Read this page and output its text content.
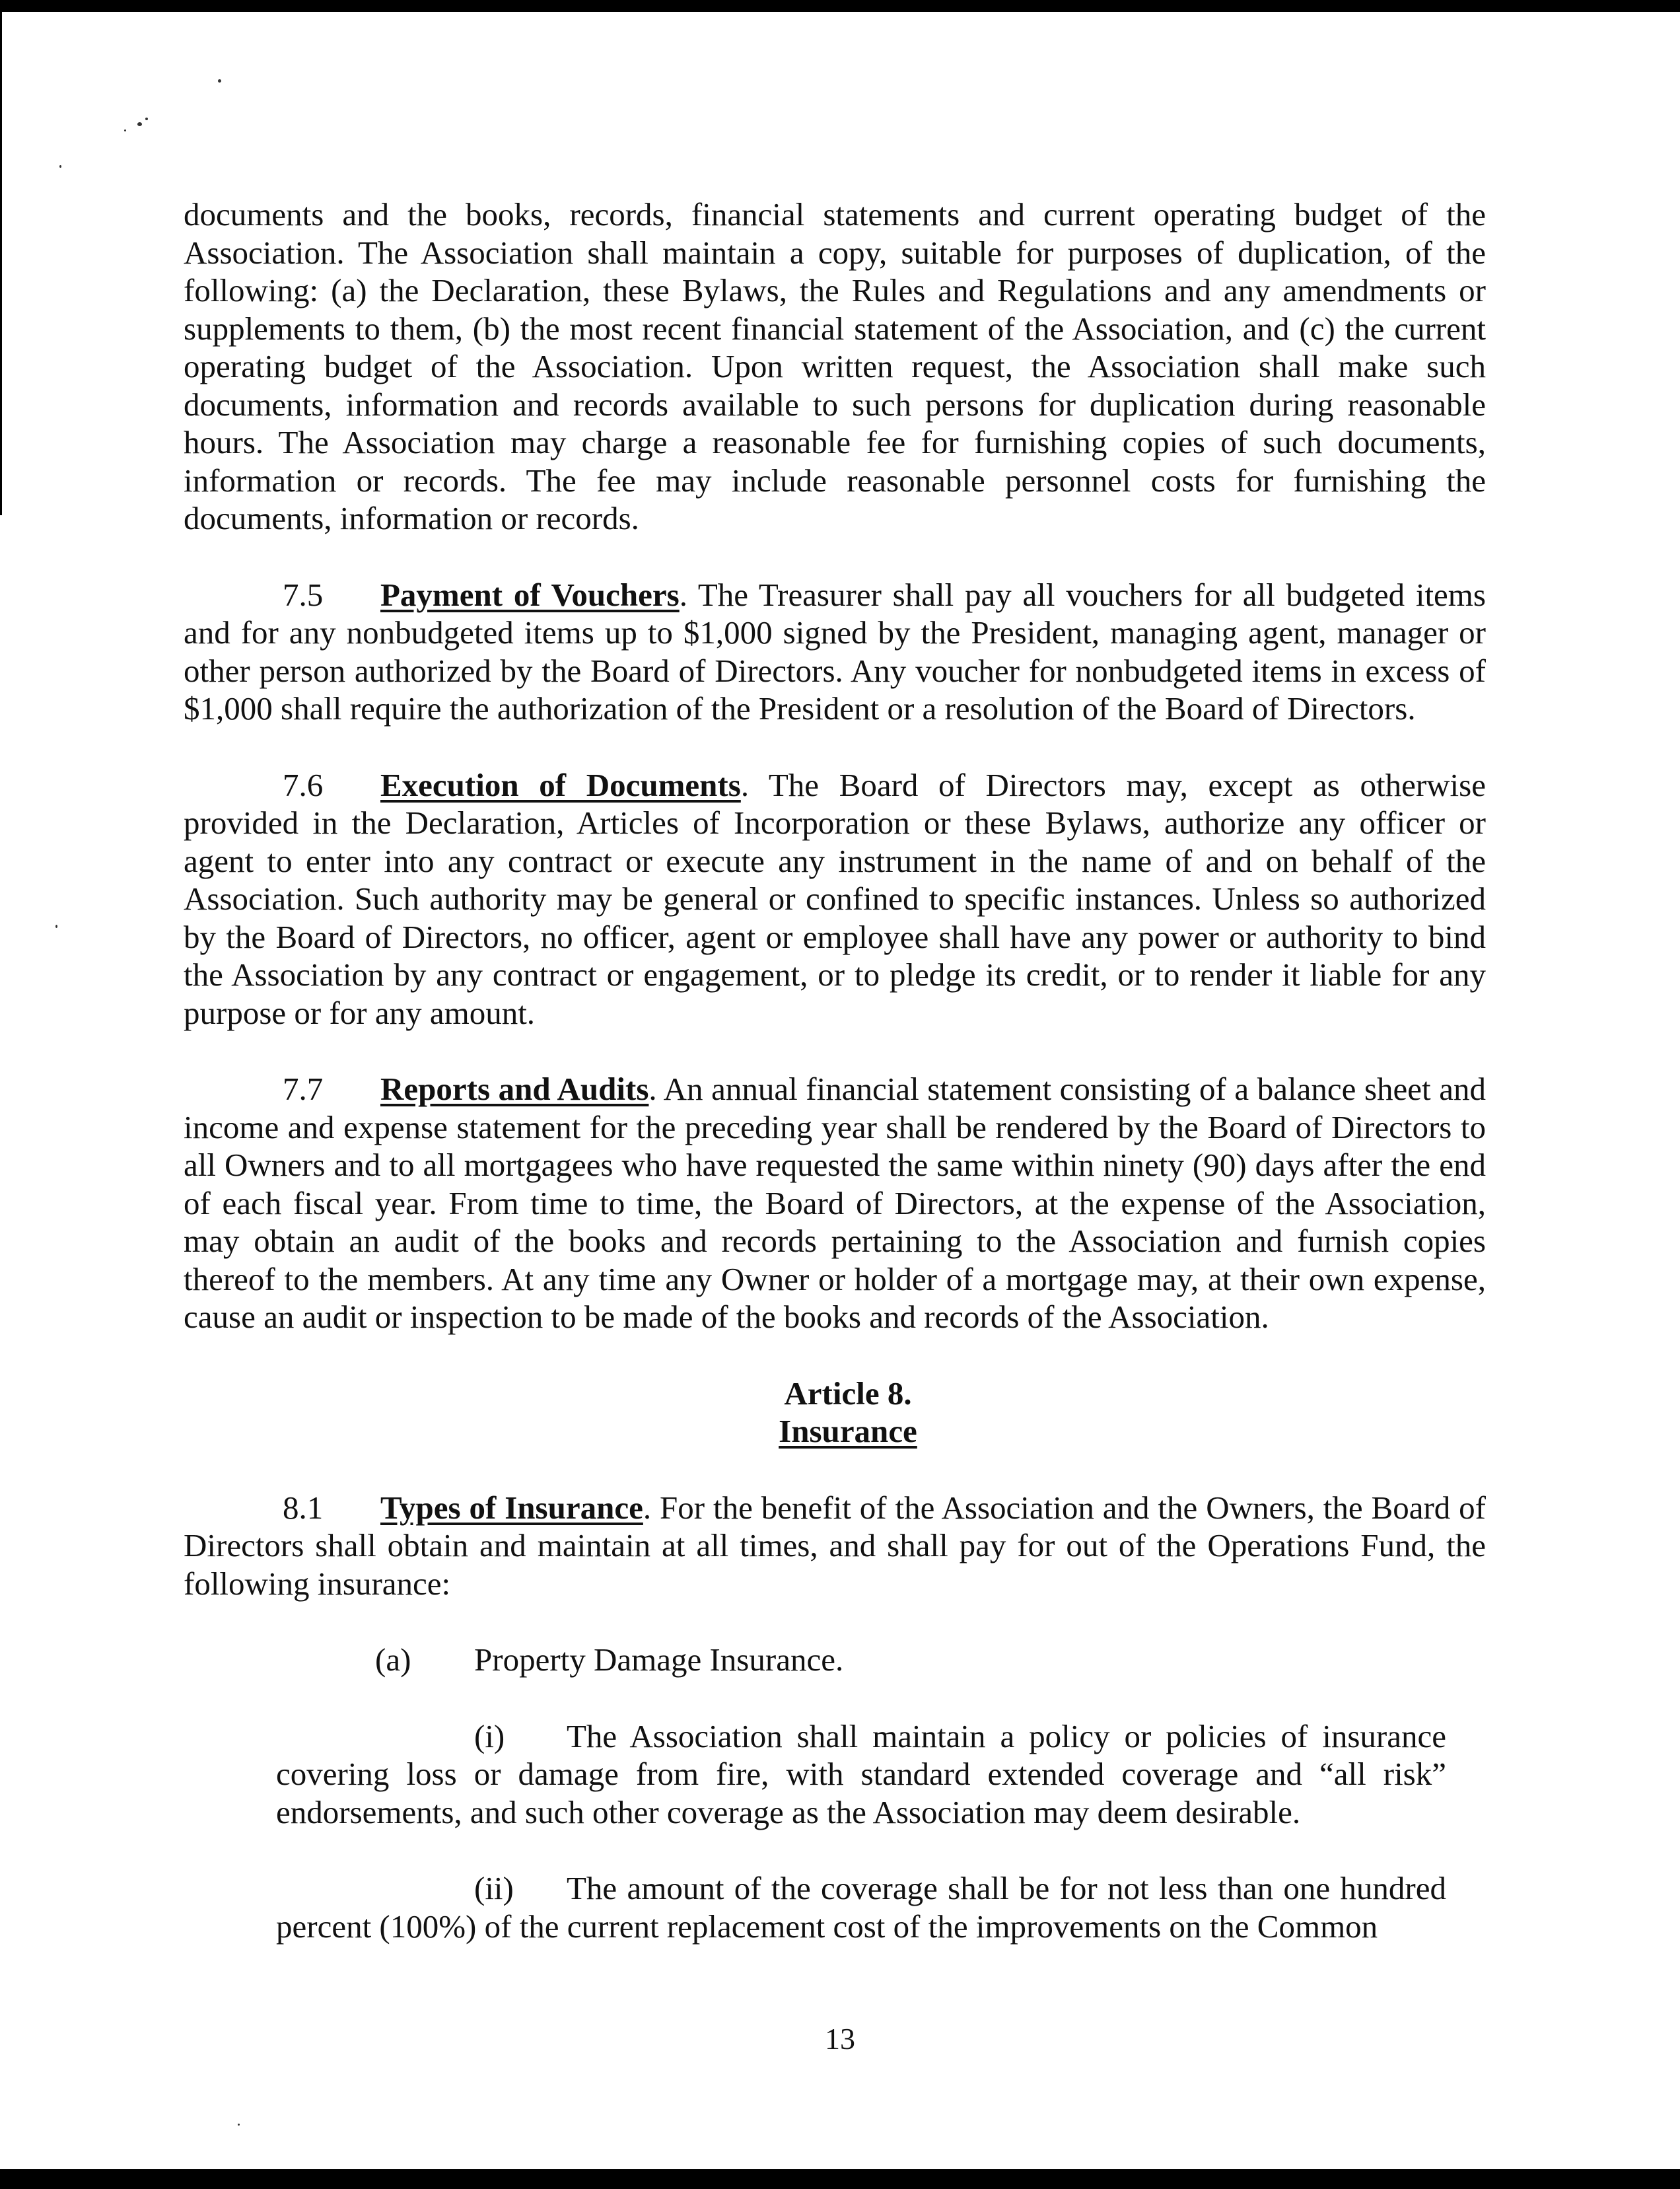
documents and the books, records, financial statements and current operating budget of the Association. The Association shall maintain a copy, suitable for purposes of duplication, of the following: (a) the Declaration, these Bylaws, the Rules and Regulations and any amendments or supplements to them, (b) the most recent financial statement of the Association, and (c) the current operating budget of the Association. Upon written request, the Association shall make such documents, information and records available to such persons for duplication during reasonable hours. The Association may charge a reasonable fee for furnishing copies of such documents, information or records. The fee may include reasonable personnel costs for furnishing the documents, information or records.

7.5 Payment of Vouchers. The Treasurer shall pay all vouchers for all budgeted items and for any nonbudgeted items up to $1,000 signed by the President, managing agent, manager or other person authorized by the Board of Directors. Any voucher for nonbudgeted items in excess of $1,000 shall require the authorization of the President or a resolution of the Board of Directors.

7.6 Execution of Documents. The Board of Directors may, except as otherwise provided in the Declaration, Articles of Incorporation or these Bylaws, authorize any officer or agent to enter into any contract or execute any instrument in the name of and on behalf of the Association. Such authority may be general or confined to specific instances. Unless so authorized by the Board of Directors, no officer, agent or employee shall have any power or authority to bind the Association by any contract or engagement, or to pledge its credit, or to render it liable for any purpose or for any amount.

7.7 Reports and Audits. An annual financial statement consisting of a balance sheet and income and expense statement for the preceding year shall be rendered by the Board of Directors to all Owners and to all mortgagees who have requested the same within ninety (90) days after the end of each fiscal year. From time to time, the Board of Directors, at the expense of the Association, may obtain an audit of the books and records pertaining to the Association and furnish copies thereof to the members. At any time any Owner or holder of a mortgage may, at their own expense, cause an audit or inspection to be made of the books and records of the Association.

Article 8.

Insurance

8.1 Types of Insurance. For the benefit of the Association and the Owners, the Board of Directors shall obtain and maintain at all times, and shall pay for out of the Operations Fund, the following insurance:

(a) Property Damage Insurance.

(i) The Association shall maintain a policy or policies of insurance covering loss or damage from fire, with standard extended coverage and “all risk” endorsements, and such other coverage as the Association may deem desirable.

(ii) The amount of the coverage shall be for not less than one hundred percent (100%) of the current replacement cost of the improvements on the Common

13
